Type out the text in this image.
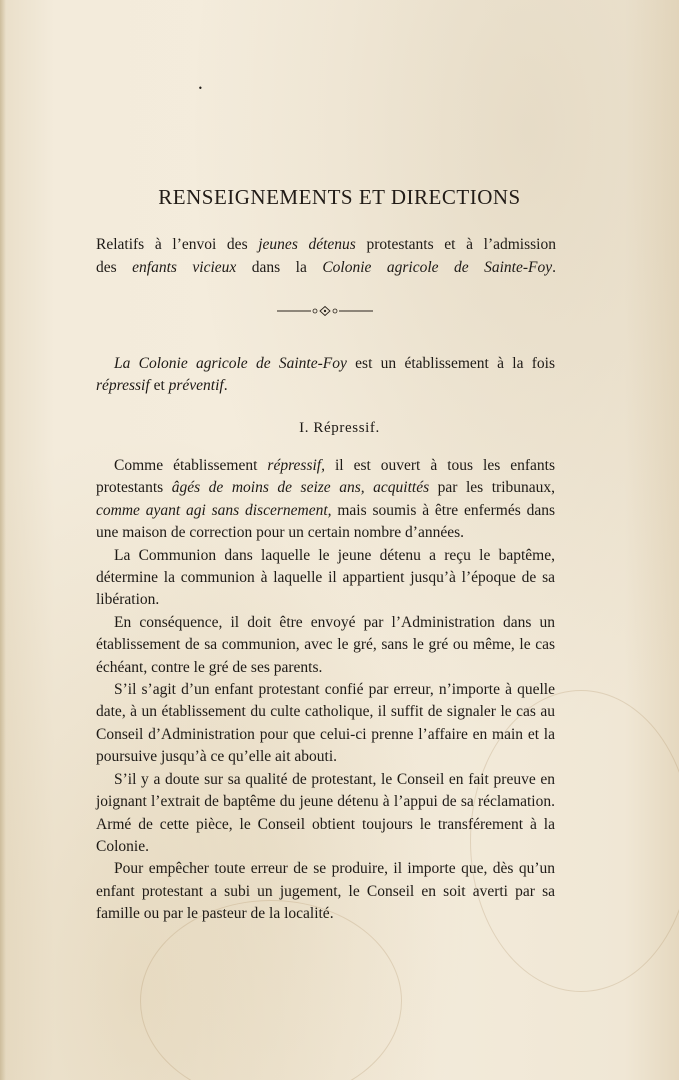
•
RENSEIGNEMENTS ET DIRECTIONS

Relatifs à l’envoi des jeunes détenus protestants et à l’admission

des enfants vicieux dans la Colonie agricole de Sainte-Foy.

La Colonie agricole de Sainte-Foy est un établissement à la fois répressif et préventif.

I. Répressif.

Comme établissement répressif, il est ouvert à tous les enfants protestants âgés de moins de seize ans, acquittés par les tribunaux, comme ayant agi sans discernement, mais soumis à être enfermés dans une maison de correction pour un certain nombre d’années.

La Communion dans laquelle le jeune détenu a reçu le baptême, détermine la communion à laquelle il appartient jusqu’à l’époque de sa libération.

En conséquence, il doit être envoyé par l’Administration dans un établissement de sa communion, avec le gré, sans le gré ou même, le cas échéant, contre le gré de ses parents.

S’il s’agit d’un enfant protestant confié par erreur, n’importe à quelle date, à un établissement du culte catholique, il suffit de signaler le cas au Conseil d’Administration pour que celui-ci prenne l’affaire en main et la poursuive jusqu’à ce qu’elle ait abouti.

S’il y a doute sur sa qualité de protestant, le Conseil en fait preuve en joignant l’extrait de baptême du jeune détenu à l’appui de sa réclamation. Armé de cette pièce, le Conseil obtient toujours le transférement à la Colonie.

Pour empêcher toute erreur de se produire, il importe que, dès qu’un enfant protestant a subi un jugement, le Conseil en soit averti par sa famille ou par le pasteur de la localité.
